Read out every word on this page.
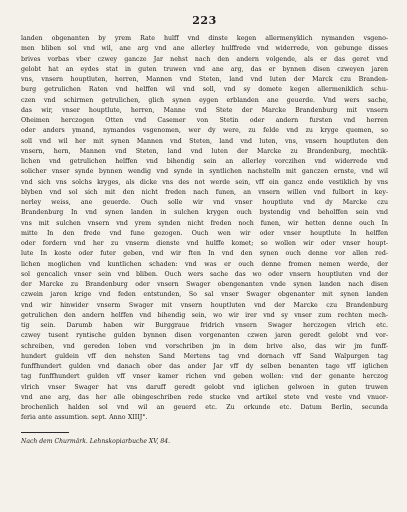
223
landen obgenanten by yrem Rate hulff vnd dinste kegen allermenyklich nymanden vsgeno-
men bliben sol vnd wil, ane arg vnd ane allerley hulffrede vnd widerrede, von gebunge disses
brives vorbas vber czwey gancze Jar nehst nach den andern volgende, als er das geret vnd
gelobt hat an eydes stat in guten truwen vnd ane arg, das er bynnen disen czweyen jaren
vns, vnsern houptluten, herren, Mannen vnd Steten, land vnd luten der Marck czu Branden-
burg getrulichen Raten vnd helffen wil vnd soll, vnd sy domete kegen allermeniklich schu-
czen vnd schirmen getrulichen, glich synen eygen erblanden ane geuerde. Vnd wers sache,
das wir, vnser houptlute, herren, Manne vnd Stete der Marcke Brandenburg mit vnsern
Oheimen herczogen Otten vnd Casemer von Stetin oder andern fursten vnd herren
oder anders ymand, nymandes vsgenomen, wer dy were, zu felde vnd zu kryge quemen, so
soll vnd wil her mit synen Mannen vnd Steten, land vnd luten, vns, vnsern houptluten den
vnsern, hern, Mannen vnd Steten, land vnd luten der Marcke zu Brandenburg, mechtik-
lichen vnd getrulichen helffen vnd bihendig sein an allerley vorczihen vnd widerrede vnd
solicher vnser synde bynnen wendig vnd synde in syntlichen nachstelln mit ganczen ernste, vnd wil
vnd sich vns solchs kryges, als dicke vns des not werde sein, vff ein gancz ende vestiklich by vns
blyben vnd sol sich mit den nicht freden nach funen, an vnsern willen vnd fulbort in key-
nerley weiss, ane geuerde. Ouch solle wir vnd vnser houptlute vnd dy Marcke czu
Brandenburg In vnd synen landen in sulchen krygen ouch bystendig vnd beholffen sein vnd
vns mit sulchen vnsern vnd yrem synden nicht freden noch funen, wir hetten denne ouch In
mitte In den frede vnd fune gezogen. Ouch wen wir oder vnser houptlute In helffen
oder fordern vnd her zu vnserm dienste vnd hulffe komet; so wollen wir oder vnser houpt-
lute In koste oder futer geben, vnd wir ften In vnd den synen ouch denne vor allen red-
lichen moglichen vnd kuntlichen schaden: vnd was er ouch denne fromen nemen werde, der
sol gencalich vnser sein vnd bliben. Ouch wers sache das wo oder vnsern houptluten vnd der
der Marcke zu Brandenburg oder vnsern Swager obengenanten vnde synen landen nach disen
czwein jaren krige vnd feden entstunden, So sal vnser Swager obgenanter mit synen landen
vnd wir hinwider vnserm Swager mit vnsern houptluten vnd der Marcke czu Brandenburg
getrulichen den andern helffen vnd bihendig sein, wo wir irer vnd sy vnser zum rechten mech-
tig sein. Darumb haben wir Burggraue fridrich vnsern Swager herczogen vlrich etc.
czwey tusent ryntische gulden bynnen disen vorgenanten czwen jaren geredt gelobt vnd vor-
schreiben, vnd gereden loben vnd vorschriben jm in dem brive also, das wir jm funff-
hundert guldein vff den nehsten Sand Mertens tag vnd dornach vff Sand Walpurgen tag
funffhundert gulden vnd danach ober das ander Jar vff dy selben benanten tage vff iglichen
tag funffhundert gulden vff vnser kamer richen vnd geben wollen: vnd der genante herczog
vlrich vnser Swager hat vns daruff geredt gelobt vnd iglichen gelwoen in guten truwen
vnd ane arg, das her alle obingeschriben rede stucke vnd artikel stete vnd veste vnd vnuor-
brochenlich halden sol vnd wil an geuerd etc. Zu orkunde etc. Datum Berlin, secunda
feria ante assumtion. sept. Anno XIIIJ°.
Nach dem Churmärk. Lehnskopiarbuche XV, 84.
